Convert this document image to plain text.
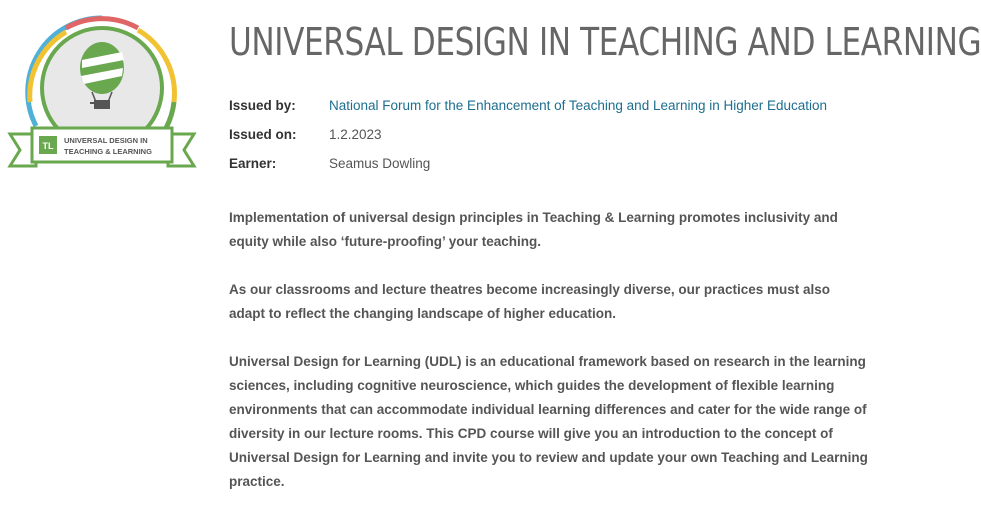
TL
UNIVERSAL DESIGN IN
TEACHING & LEARNING
UNIVERSAL DESIGN IN TEACHING AND LEARNING
Issued by:	National Forum for the Enhancement of Teaching and Learning in Higher Education
Issued on:	1.2.2023
Earner:	Seamus Dowling

Implementation of universal design principles in Teaching & Learning promotes inclusivity and equity while also ‘future-proofing’ your teaching.

As our classrooms and lecture theatres become increasingly diverse, our practices must also adapt to reflect the changing landscape of higher education.

Universal Design for Learning (UDL) is an educational framework based on research in the learning sciences, including cognitive neuroscience, which guides the development of flexible learning environments that can accommodate individual learning differences and cater for the wide range of diversity in our lecture rooms. This CPD course will give you an introduction to the concept of Universal Design for Learning and invite you to review and update your own Teaching and Learning practice.
